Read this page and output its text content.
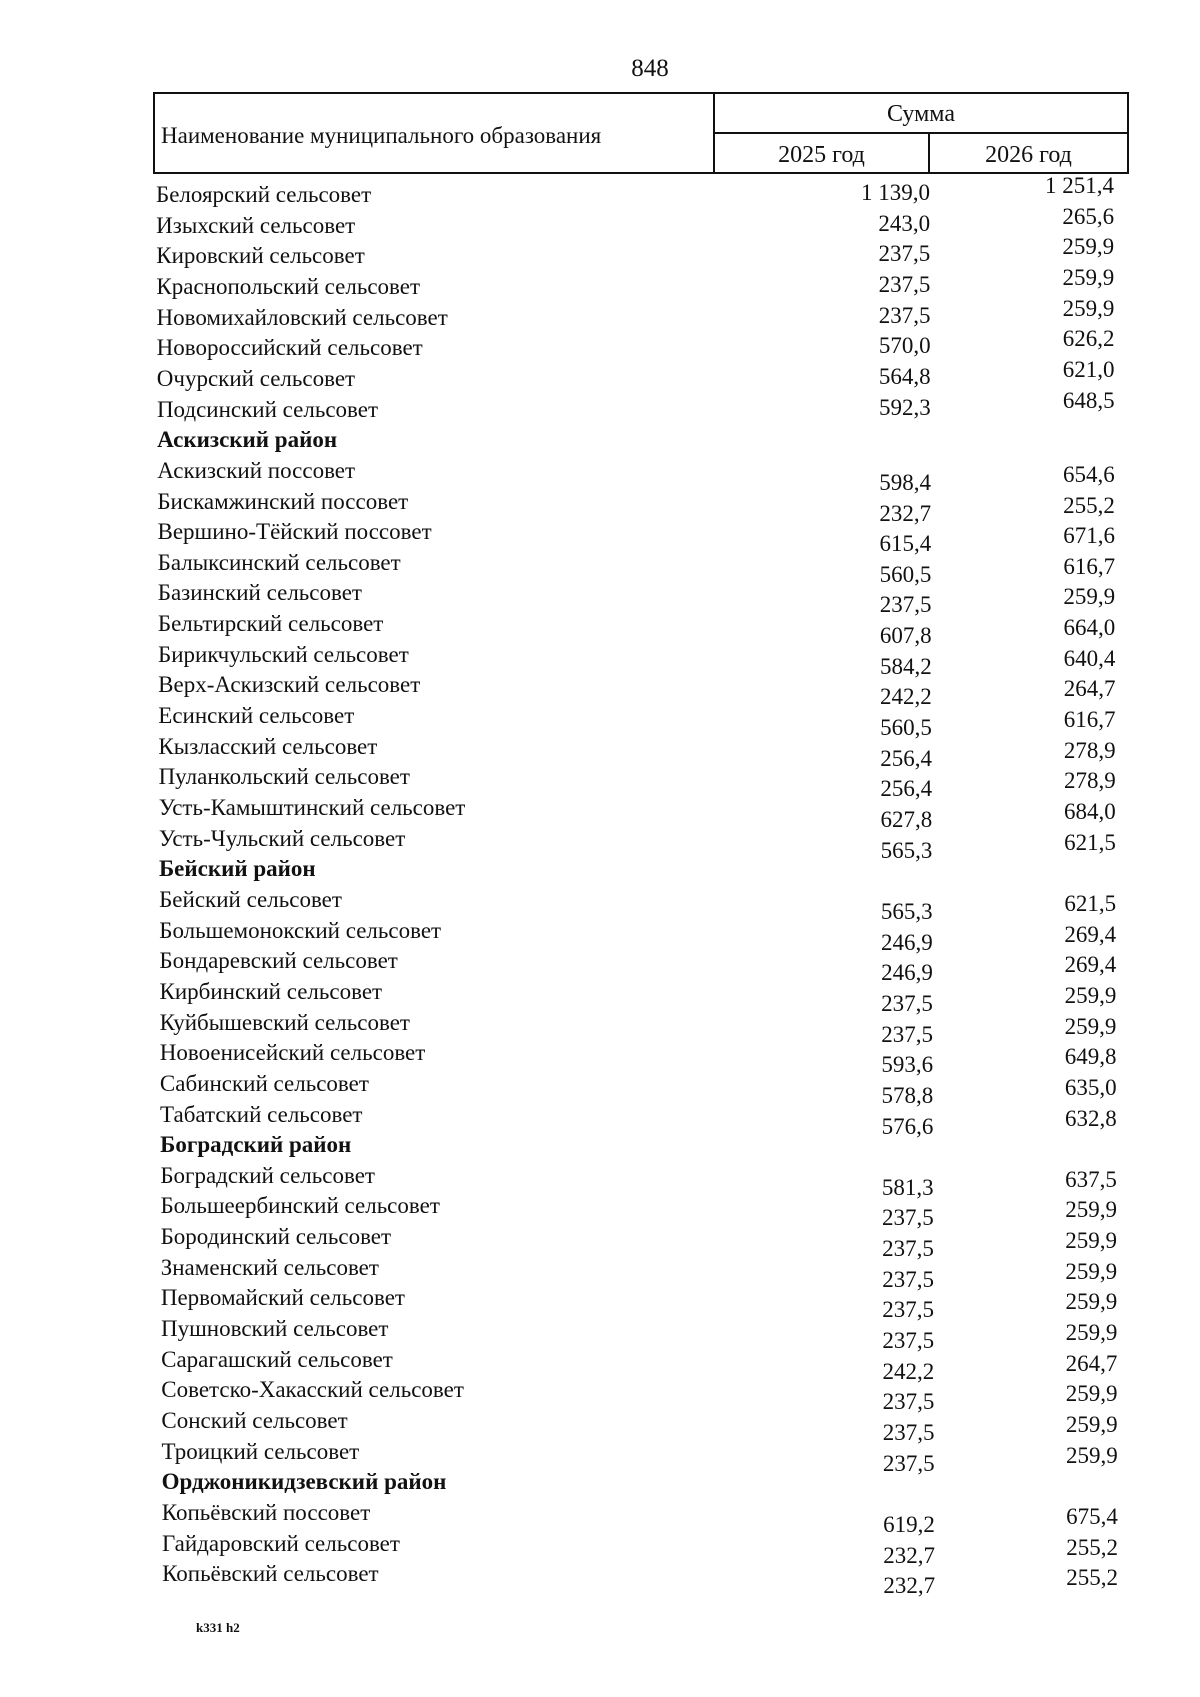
848
Наименование муниципального образования
Сумма
2025 год	2026 год
Белоярский сельсовет	1 139,0	1 251,4
Изыхский сельсовет	243,0	265,6
Кировский сельсовет	237,5	259,9
Краснопольский сельсовет	237,5	259,9
Новомихайловский сельсовет	237,5	259,9
Новороссийский сельсовет	570,0	626,2
Очурский сельсовет	564,8	621,0
Подсинский сельсовет	592,3	648,5
Аскизский район
Аскизский поссовет	598,4	654,6
Бискамжинский поссовет	232,7	255,2
Вершино-Тёйский поссовет	615,4	671,6
Балыксинский сельсовет	560,5	616,7
Базинский сельсовет	237,5	259,9
Бельтирский сельсовет	607,8	664,0
Бирикчульский сельсовет	584,2	640,4
Верх-Аскизский сельсовет	242,2	264,7
Есинский сельсовет	560,5	616,7
Кызласский сельсовет	256,4	278,9
Пуланкольский сельсовет	256,4	278,9
Усть-Камыштинский сельсовет	627,8	684,0
Усть-Чульский сельсовет	565,3	621,5
Бейский район
Бейский сельсовет	565,3	621,5
Большемонокский сельсовет	246,9	269,4
Бондаревский сельсовет	246,9	269,4
Кирбинский сельсовет	237,5	259,9
Куйбышевский сельсовет	237,5	259,9
Новоенисейский сельсовет	593,6	649,8
Сабинский сельсовет	578,8	635,0
Табатский сельсовет	576,6	632,8
Боградский район
Боградский сельсовет	581,3	637,5
Большеербинский сельсовет	237,5	259,9
Бородинский сельсовет	237,5	259,9
Знаменский сельсовет	237,5	259,9
Первомайский сельсовет	237,5	259,9
Пушновский сельсовет	237,5	259,9
Сарагашский сельсовет	242,2	264,7
Советско-Хакасский сельсовет	237,5	259,9
Сонский сельсовет	237,5	259,9
Троицкий сельсовет	237,5	259,9
Орджоникидзевский район
Копьёвский поссовет	619,2	675,4
Гайдаровский сельсовет	232,7	255,2
Копьёвский сельсовет	232,7	255,2
k331 h2
